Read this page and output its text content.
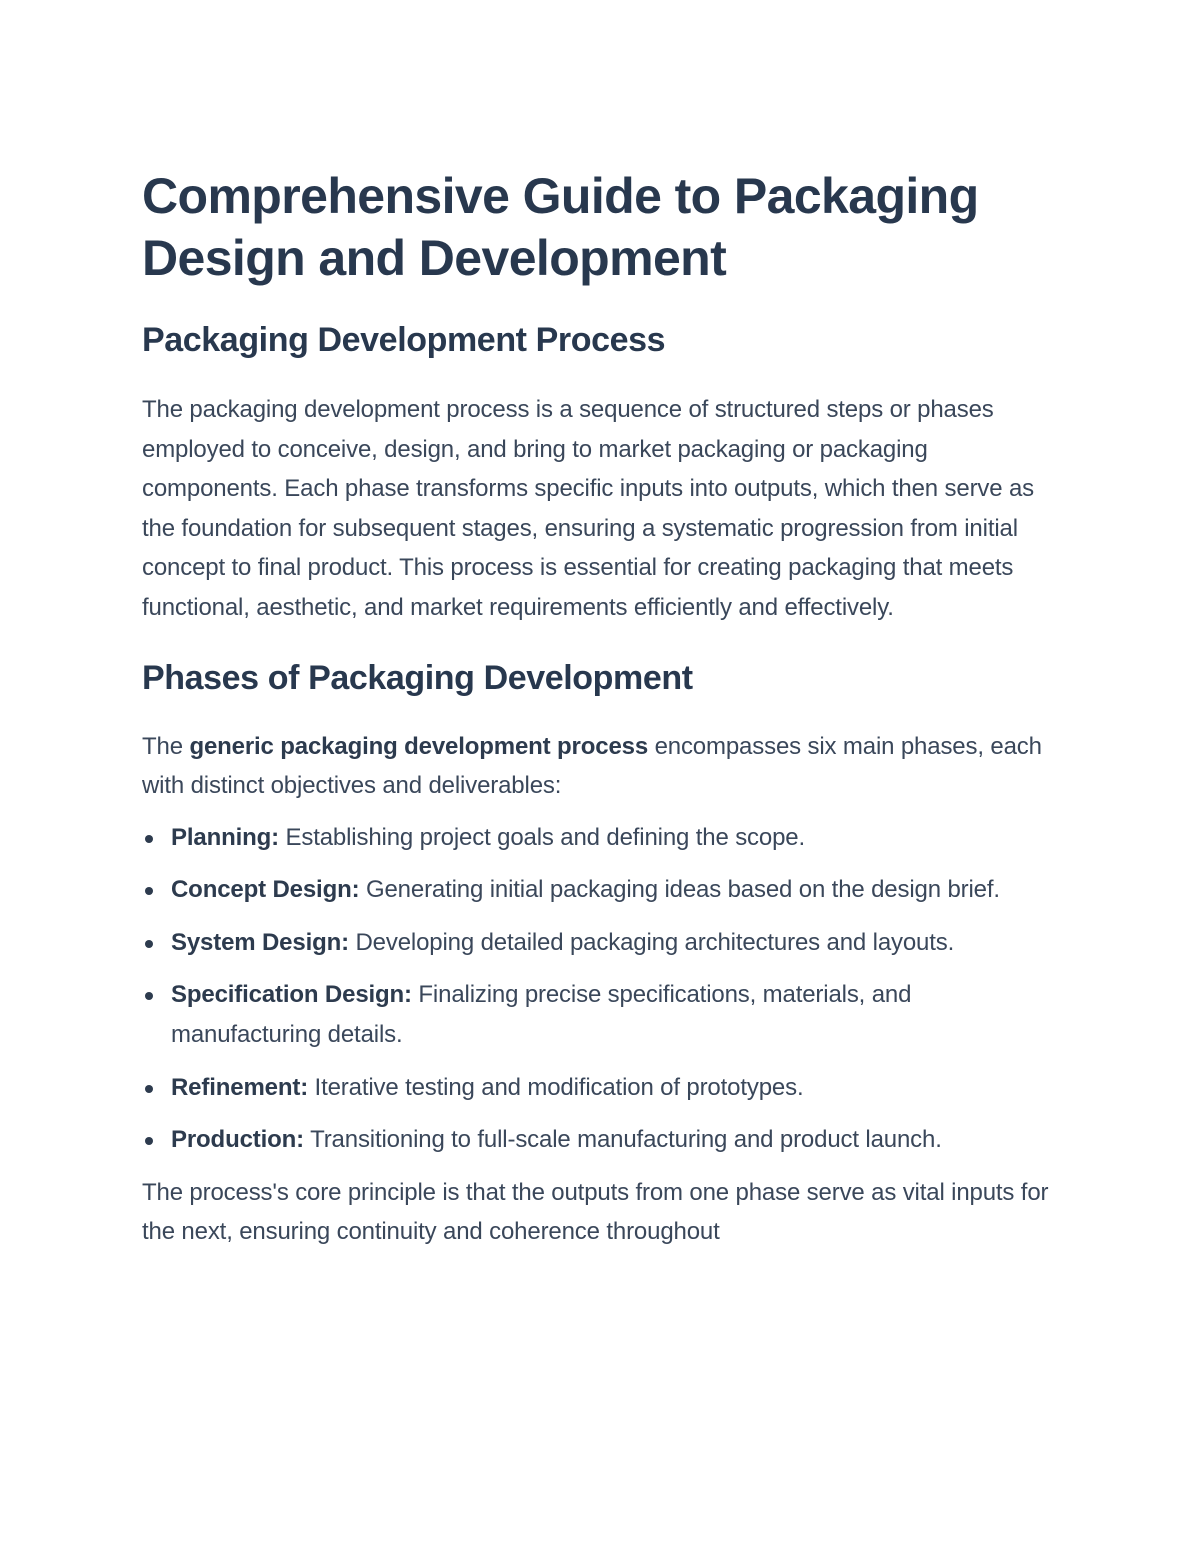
Comprehensive Guide to Packaging Design and Development
Packaging Development Process

The packaging development process is a sequence of structured steps or phases employed to conceive, design, and bring to market packaging or packaging components. Each phase transforms specific inputs into outputs, which then serve as the foundation for subsequent stages, ensuring a systematic progression from initial concept to final product. This process is essential for creating packaging that meets functional, aesthetic, and market requirements efficiently and effectively.

Phases of Packaging Development

The generic packaging development process encompasses six main phases, each with distinct objectives and deliverables:

Planning: Establishing project goals and defining the scope.
Concept Design: Generating initial packaging ideas based on the design brief.
System Design: Developing detailed packaging architectures and layouts.
Specification Design: Finalizing precise specifications, materials, and manufacturing details.
Refinement: Iterative testing and modification of prototypes.
Production: Transitioning to full-scale manufacturing and product launch.

The process's core principle is that the outputs from one phase serve as vital inputs for the next, ensuring continuity and coherence throughout
